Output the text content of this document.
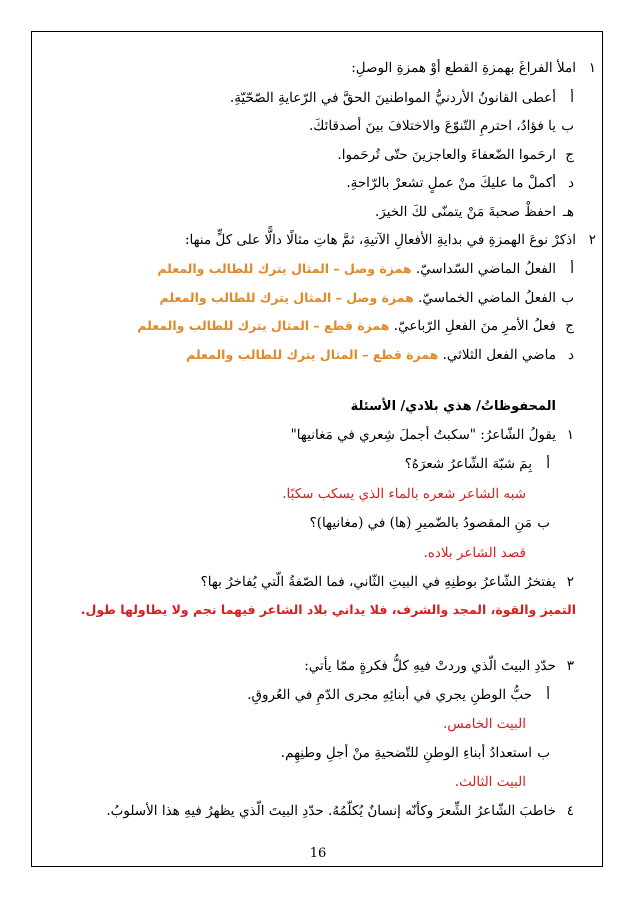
١
املأ الفراغَ بهمزةِ القطع أوْ همزةِ الوصلِ:
أ
أعطى القانونُ الأردنيُّ المواطنينَ الحقَّ في الرّعايةِ الصّحّيّةِ.
ب
يا فؤادُ، احترمِ التّنوّعَ والاختلافَ بينَ أصدقائكَ.
ج
ارحَموا الضّعفاءَ والعاجزينَ حتّى تُرحَموا.
د
أكملْ ما عليكَ منْ عملٍ تشعرْ بالرّاحةِ.
هـ
احفظْ صحبةَ مَنْ يتمنّى لكَ الخيرَ.
٢
اذكرْ نوعَ الهمزةِ في بدايةِ الأفعالِ الآتيةِ، ثمَّ هاتِ مثالًا دالًّا على كلٍّ منها:
أ
الفعلُ الماضي السّداسيّ. همزة وصل – المثال يترك للطالب والمعلم
ب
الفعلُ الماضي الخماسيّ. همزة وصل – المثال يترك للطالب والمعلم
ج
فعلُ الأمرِ منَ الفعلِ الرّباعيّ. همزة قطع – المثال يترك للطالب والمعلم
د
ماضي الفعل الثلاثي. همزة قطع – المثال يترك للطالب والمعلم
المحفوظاتُ/ هذي بلادي/ الأسئلة
١
يقولُ الشّاعرُ: "سكبتُ أجملَ شِعري في مَغانيها"
أ
بِمَ شبّهَ الشّاعرُ شعرَهُ؟
شبه الشاعر شعره بالماء الذي يسكب سكبًا.
ب
مَنِ المقصودُ بالضّميرِ (ها) في (مغانيها)؟
قصد الشاعر بلاده.
٢
يفتخرُ الشّاعرُ بوطنِهِ في البيتِ الثّاني، فما الصّفةُ الّتي يُفاخرُ بها؟
التميز والقوة، المجد والشرف، فلا يداني بلاد الشاعر فيهما نجم ولا يطاولها طول.
٣
حدّدِ البيتَ الّذي وردتْ فيهِ كلُّ فكرةٍ ممّا يأتي:
أ
حبُّ الوطنِ يجري في أبنائِهِ مجرى الدّمِ في العُروقِ.
البيت الخامس.
ب
استعدادُ أبناءِ الوطنِ للتّضحيةِ منْ أجلِ وطنِهِم.
البيت الثالث.
٤
خاطبَ الشّاعرُ الشِّعرَ وكأنّه إنسانٌ يُكلّمُهُ. حدّدِ البيتَ الّذي يظهرُ فيهِ هذا الأسلوبُ.
16
